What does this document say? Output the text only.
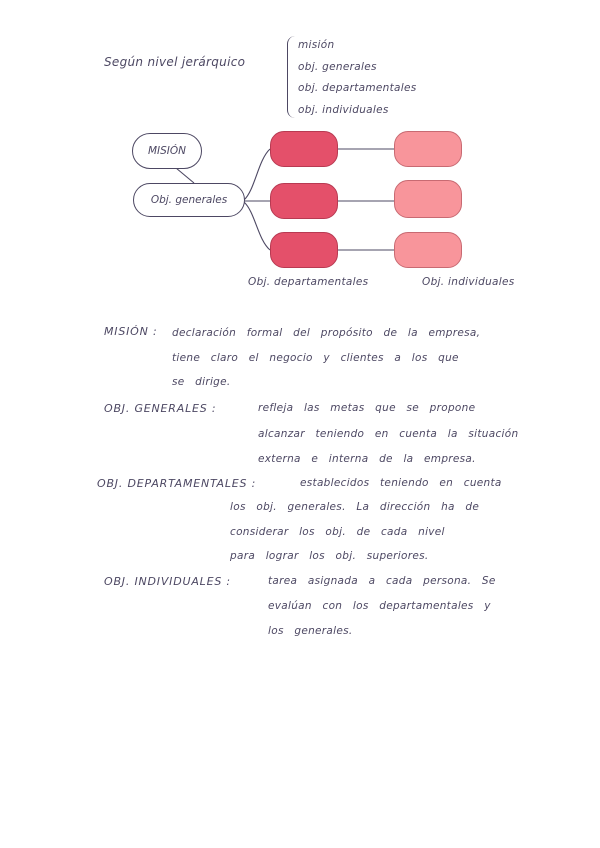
Según nivel jerárquico
misión
obj. generales
obj. departamentales
obj. individuales
MISIÓN
Obj. generales
Obj. departamentales	Obj. individuales
MISIÓN : declaración formal del propósito de la empresa,
tiene claro el negocio y clientes a los que
se dirige.
OBJ. GENERALES :	refleja las metas que se propone
alcanzar teniendo en cuenta la situación
externa e interna de la empresa.
OBJ. DEPARTAMENTALES :	establecidos teniendo en cuenta
los obj. generales. La dirección ha de
considerar los obj. de cada nivel
para lograr los obj. superiores.
OBJ. INDIVIDUALES :	tarea asignada a cada persona. Se
evalúan con los departamentales y
los generales.
